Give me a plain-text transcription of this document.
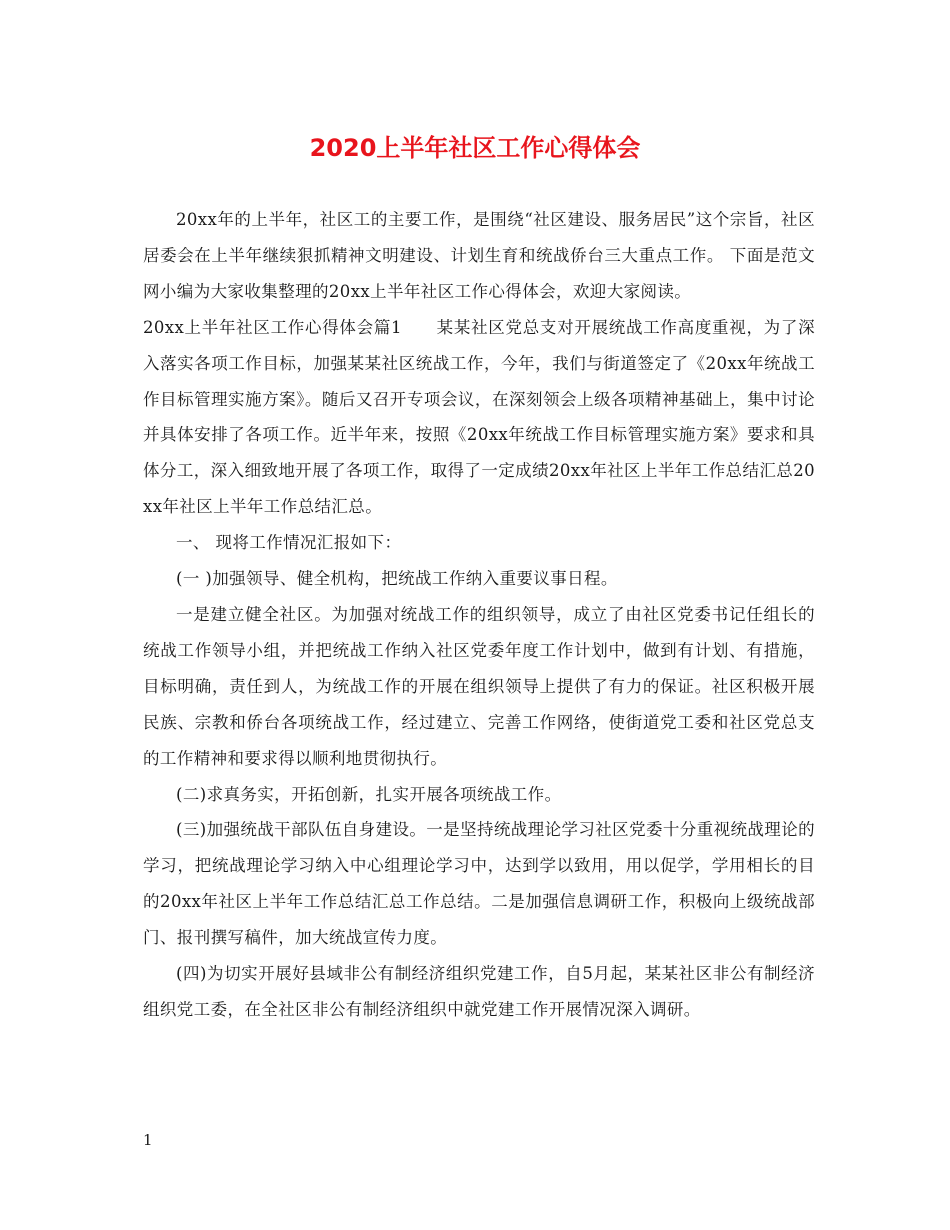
2020上半年社区工作心得体会

20xx年的上半年，社区工的主要工作，是围绕“社区建设、服务居民”这个宗旨，社区居委会在上半年继续狠抓精神文明建设、计划生育和统战侨台三大重点工作。 下面是范文网小编为大家收集整理的20xx上半年社区工作心得体会，欢迎大家阅读。

20xx上半年社区工作心得体会篇1　　某某社区党总支对开展统战工作高度重视，为了深入落实各项工作目标，加强某某社区统战工作，今年，我们与街道签定了《20xx年统战工作目标管理实施方案》。随后又召开专项会议，在深刻领会上级各项精神基础上，集中讨论并具体安排了各项工作。近半年来，按照《20xx年统战工作目标管理实施方案》要求和具体分工，深入细致地开展了各项工作，取得了一定成绩20xx年社区上半年工作总结汇总20xx年社区上半年工作总结汇总。

一、 现将工作情况汇报如下：

(一 )加强领导、健全机构，把统战工作纳入重要议事日程。

一是建立健全社区。为加强对统战工作的组织领导，成立了由社区党委书记任组长的统战工作领导小组，并把统战工作纳入社区党委年度工作计划中，做到有计划、有措施，目标明确，责任到人，为统战工作的开展在组织领导上提供了有力的保证。社区积极开展民族、宗教和侨台各项统战工作，经过建立、完善工作网络，使街道党工委和社区党总支的工作精神和要求得以顺利地贯彻执行。

(二)求真务实，开拓创新，扎实开展各项统战工作。

(三)加强统战干部队伍自身建设。一是坚持统战理论学习社区党委十分重视统战理论的学习，把统战理论学习纳入中心组理论学习中，达到学以致用，用以促学，学用相长的目的20xx年社区上半年工作总结汇总工作总结。二是加强信息调研工作，积极向上级统战部门、报刊撰写稿件，加大统战宣传力度。

(四)为切实开展好县域非公有制经济组织党建工作，自5月起，某某社区非公有制经济组织党工委，在全社区非公有制经济组织中就党建工作开展情况深入调研。

1
